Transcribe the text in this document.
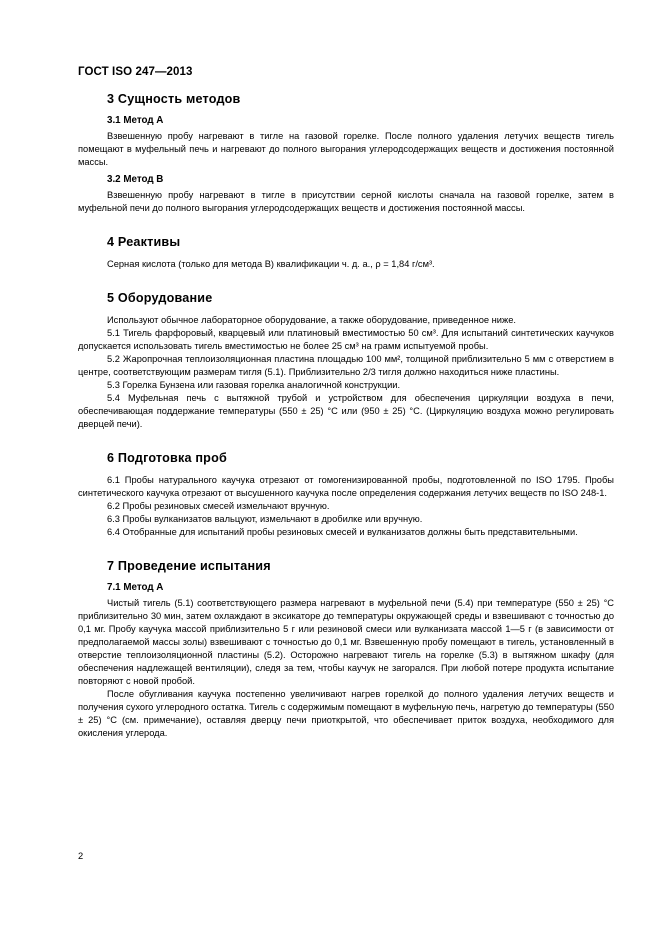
ГОСТ ISO 247—2013
3 Сущность методов
3.1 Метод А

Взвешенную пробу нагревают в тигле на газовой горелке. После полного удаления летучих веществ тигель помещают в муфельный печь и нагревают до полного выгорания углеродсодержащих веществ и достижения постоянной массы.

3.2 Метод В

Взвешенную пробу нагревают в тигле в присутствии серной кислоты сначала на газовой горелке, затем в муфельной печи до полного выгорания углеродсодержащих веществ и достижения постоянной массы.

4 Реактивы

Серная кислота (только для метода В) квалификации ч. д. а., ρ = 1,84 г/см³.

5 Оборудование

Используют обычное лабораторное оборудование, а также оборудование, приведенное ниже.

5.1 Тигель фарфоровый, кварцевый или платиновый вместимостью 50 см³. Для испытаний синтетических каучуков допускается использовать тигель вместимостью не более 25 см³ на грамм испытуемой пробы.

5.2 Жаропрочная теплоизоляционная пластина площадью 100 мм², толщиной приблизительно 5 мм с отверстием в центре, соответствующим размерам тигля (5.1). Приблизительно 2/3 тигля должно находиться ниже пластины.

5.3 Горелка Бунзена или газовая горелка аналогичной конструкции.

5.4 Муфельная печь с вытяжной трубой и устройством для обеспечения циркуляции воздуха в печи, обеспечивающая поддержание температуры (550 ± 25) °С или (950 ± 25) °С. (Циркуляцию воздуха можно регулировать дверцей печи).

6 Подготовка проб

6.1 Пробы натурального каучука отрезают от гомогенизированной пробы, подготовленной по ISO 1795. Пробы синтетического каучука отрезают от высушенного каучука после определения содержания летучих веществ по ISO 248-1.

6.2 Пробы резиновых смесей измельчают вручную.

6.3 Пробы вулканизатов вальцуют, измельчают в дробилке или вручную.

6.4 Отобранные для испытаний пробы резиновых смесей и вулканизатов должны быть представительными.

7 Проведение испытания
7.1 Метод А

Чистый тигель (5.1) соответствующего размера нагревают в муфельной печи (5.4) при температуре (550 ± 25) °С приблизительно 30 мин, затем охлаждают в эксикаторе до температуры окружающей среды и взвешивают с точностью до 0,1 мг. Пробу каучука массой приблизительно 5 г или резиновой смеси или вулканизата массой 1—5 г (в зависимости от предполагаемой массы золы) взвешивают с точностью до 0,1 мг. Взвешенную пробу помещают в тигель, установленный в отверстие теплоизоляционной пластины (5.2). Осторожно нагревают тигель на горелке (5.3) в вытяжном шкафу (для обеспечения надлежащей вентиляции), следя за тем, чтобы каучук не загорался. При любой потере продукта испытание повторяют с новой пробой.

После обугливания каучука постепенно увеличивают нагрев горелкой до полного удаления летучих веществ и получения сухого углеродного остатка. Тигель с содержимым помещают в муфельную печь, нагретую до температуры (550 ± 25) °С (см. примечание), оставляя дверцу печи приоткрытой, что обеспечивает приток воздуха, необходимого для окисления углерода.

2
